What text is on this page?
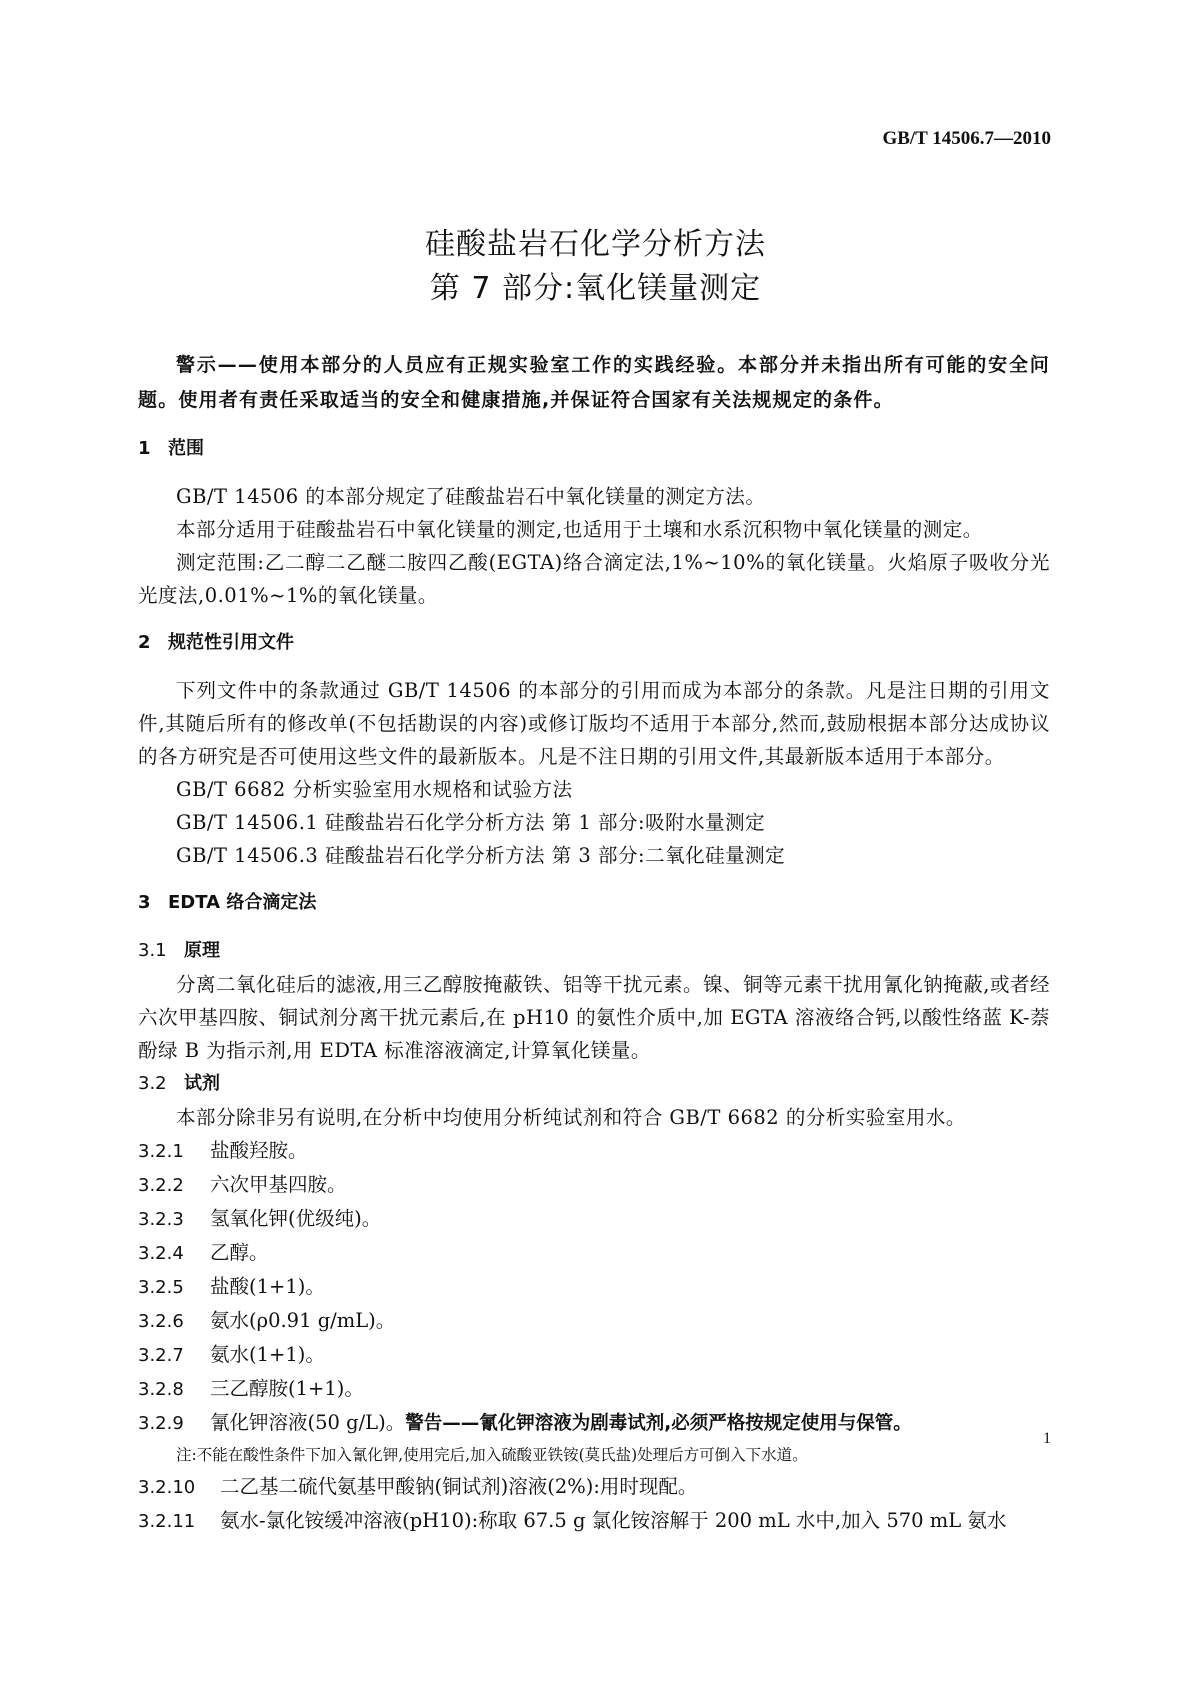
GB/T 14506.7—2010
硅酸盐岩石化学分析方法
第 7 部分:氧化镁量测定

警示——使用本部分的人员应有正规实验室工作的实践经验。本部分并未指出所有可能的安全问题。使用者有责任采取适当的安全和健康措施,并保证符合国家有关法规规定的条件。

1 范围

GB/T 14506 的本部分规定了硅酸盐岩石中氧化镁量的测定方法。

本部分适用于硅酸盐岩石中氧化镁量的测定,也适用于土壤和水系沉积物中氧化镁量的测定。

测定范围:乙二醇二乙醚二胺四乙酸(EGTA)络合滴定法,1%~10%的氧化镁量。火焰原子吸收分光光度法,0.01%~1%的氧化镁量。

2 规范性引用文件

下列文件中的条款通过 GB/T 14506 的本部分的引用而成为本部分的条款。凡是注日期的引用文件,其随后所有的修改单(不包括勘误的内容)或修订版均不适用于本部分,然而,鼓励根据本部分达成协议的各方研究是否可使用这些文件的最新版本。凡是不注日期的引用文件,其最新版本适用于本部分。

GB/T 6682 分析实验室用水规格和试验方法

GB/T 14506.1 硅酸盐岩石化学分析方法 第 1 部分:吸附水量测定

GB/T 14506.3 硅酸盐岩石化学分析方法 第 3 部分:二氧化硅量测定

3 EDTA 络合滴定法
3.1 原理

分离二氧化硅后的滤液,用三乙醇胺掩蔽铁、铝等干扰元素。镍、铜等元素干扰用氰化钠掩蔽,或者经六次甲基四胺、铜试剂分离干扰元素后,在 pH10 的氨性介质中,加 EGTA 溶液络合钙,以酸性络蓝 K-萘酚绿 B 为指示剂,用 EDTA 标准溶液滴定,计算氧化镁量。

3.2 试剂

本部分除非另有说明,在分析中均使用分析纯试剂和符合 GB/T 6682 的分析实验室用水。

3.2.1 盐酸羟胺。
3.2.2 六次甲基四胺。
3.2.3 氢氧化钾(优级纯)。
3.2.4 乙醇。
3.2.5 盐酸(1+1)。
3.2.6 氨水(ρ0.91 g/mL)。
3.2.7 氨水(1+1)。
3.2.8 三乙醇胺(1+1)。
3.2.9 氰化钾溶液(50 g/L)。警告——氰化钾溶液为剧毒试剂,必须严格按规定使用与保管。

注:不能在酸性条件下加入氰化钾,使用完后,加入硫酸亚铁铵(莫氏盐)处理后方可倒入下水道。

3.2.10 二乙基二硫代氨基甲酸钠(铜试剂)溶液(2%):用时现配。
3.2.11 氨水-氯化铵缓冲溶液(pH10):称取 67.5 g 氯化铵溶解于 200 mL 水中,加入 570 mL 氨水
1
